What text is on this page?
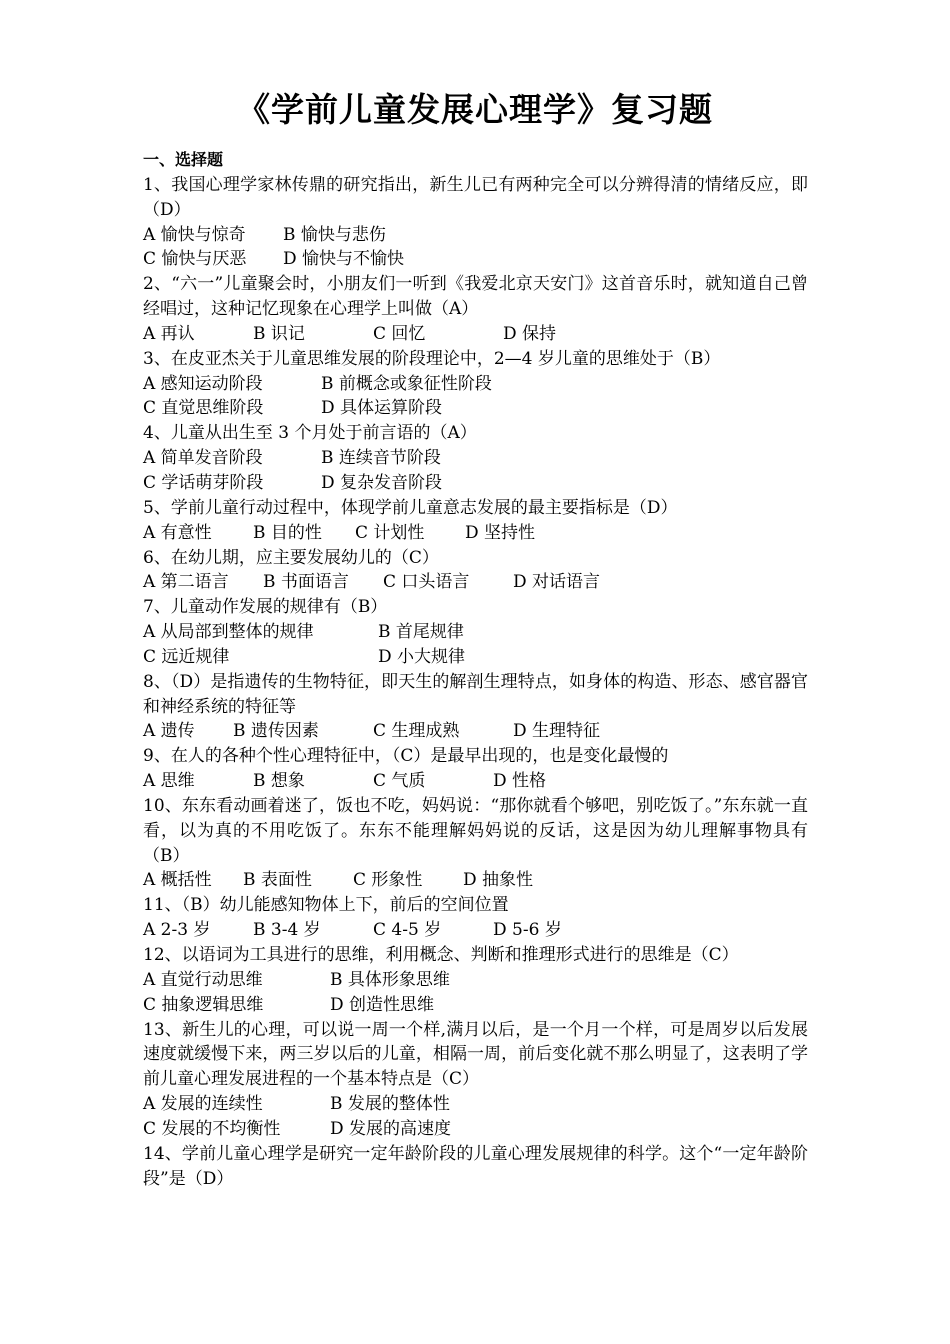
《学前儿童发展心理学》复习题
一、选择题
1、我国心理学家林传鼎的研究指出，新生儿已有两种完全可以分辨得清的情绪反应，即（D）
A 愉快与惊奇 B 愉快与悲伤
C 愉快与厌恶 D 愉快与不愉快
2、“六一”儿童聚会时，小朋友们一听到《我爱北京天安门》这首音乐时，就知道自己曾经唱过，这种记忆现象在心理学上叫做（A）
A 再认	B 识记	C 回忆	D 保持
3、在皮亚杰关于儿童思维发展的阶段理论中，2—4 岁儿童的思维处于（B）
A 感知运动阶段	B 前概念或象征性阶段
C 直觉思维阶段	D 具体运算阶段
4、儿童从出生至 3 个月处于前言语的（A）
A 简单发音阶段	B 连续音节阶段
C 学话萌芽阶段	D 复杂发音阶段
5、学前儿童行动过程中，体现学前儿童意志发展的最主要指标是（D）
A 有意性 B 目的性 C 计划性 D 坚持性
6、在幼儿期，应主要发展幼儿的（C）
A 第二语言 B 书面语言 C 口头语言	D 对话语言
7、儿童动作发展的规律有（B）
A 从局部到整体的规律	B 首尾规律
C 远近规律	D 小大规律
8、（D）是指遗传的生物特征，即天生的解剖生理特点，如身体的构造、形态、感官器官和神经系统的特征等
A 遗传 B 遗传因素	C 生理成熟	D 生理特征
9、在人的各种个性心理特征中，（C）是最早出现的，也是变化最慢的
A 思维	B 想象	C 气质	D 性格
10、东东看动画着迷了，饭也不吃，妈妈说：“那你就看个够吧，别吃饭了。”东东就一直看，以为真的不用吃饭了。东东不能理解妈妈说的反话，这是因为幼儿理解事物具有（B）
A 概括性 B 表面性 C 形象性 D 抽象性
11、（B）幼儿能感知物体上下，前后的空间位置
A 2-3 岁	B 3-4 岁	C 4-5 岁	D 5-6 岁
12、以语词为工具进行的思维，利用概念、判断和推理形式进行的思维是（C）
A 直觉行动思维	B 具体形象思维
C 抽象逻辑思维	D 创造性思维
13、新生儿的心理，可以说一周一个样,满月以后，是一个月一个样，可是周岁以后发展速度就缓慢下来，两三岁以后的儿童，相隔一周，前后变化就不那么明显了，这表明了学前儿童心理发展进程的一个基本特点是（C）
A 发展的连续性	B 发展的整体性
C 发展的不均衡性	D 发展的高速度
14、学前儿童心理学是研究一定年龄阶段的儿童心理发展规律的科学。这个“一定年龄阶段”是（D）
